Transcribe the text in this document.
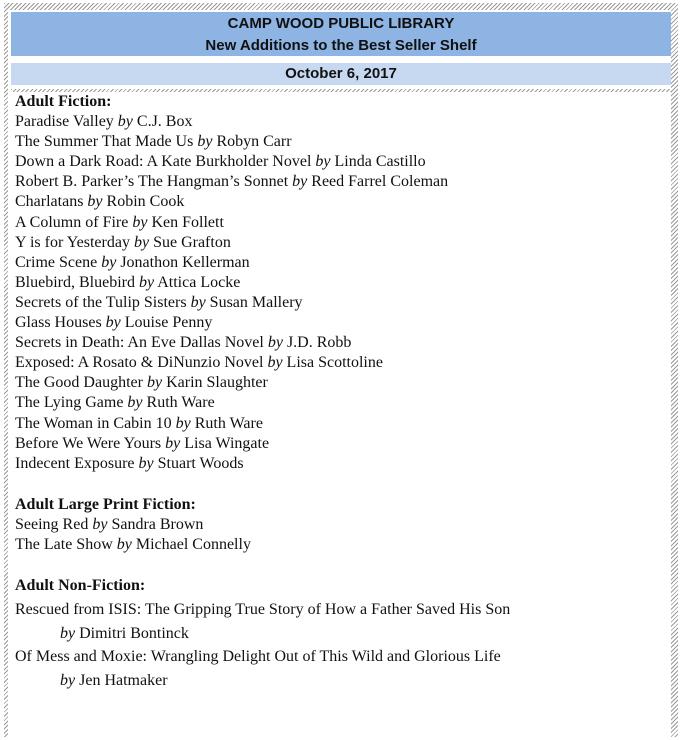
CAMP WOOD PUBLIC LIBRARY
New Additions to the Best Seller Shelf
October 6, 2017
Adult Fiction:
Paradise Valley by C.J. Box
The Summer That Made Us by Robyn Carr
Down a Dark Road: A Kate Burkholder Novel by Linda Castillo
Robert B. Parker’s The Hangman’s Sonnet by Reed Farrel Coleman
Charlatans by Robin Cook
A Column of Fire by Ken Follett
Y is for Yesterday by Sue Grafton
Crime Scene by Jonathon Kellerman
Bluebird, Bluebird by Attica Locke
Secrets of the Tulip Sisters by Susan Mallery
Glass Houses by Louise Penny
Secrets in Death: An Eve Dallas Novel by J.D. Robb
Exposed: A Rosato & DiNunzio Novel by Lisa Scottoline
The Good Daughter by Karin Slaughter
The Lying Game by Ruth Ware
The Woman in Cabin 10 by Ruth Ware
Before We Were Yours by Lisa Wingate
Indecent Exposure by Stuart Woods
Adult Large Print Fiction:
Seeing Red by Sandra Brown
The Late Show by Michael Connelly
Adult Non-Fiction:
Rescued from ISIS: The Gripping True Story of How a Father Saved His Son
by Dimitri Bontinck
Of Mess and Moxie: Wrangling Delight Out of This Wild and Glorious Life
by Jen Hatmaker
